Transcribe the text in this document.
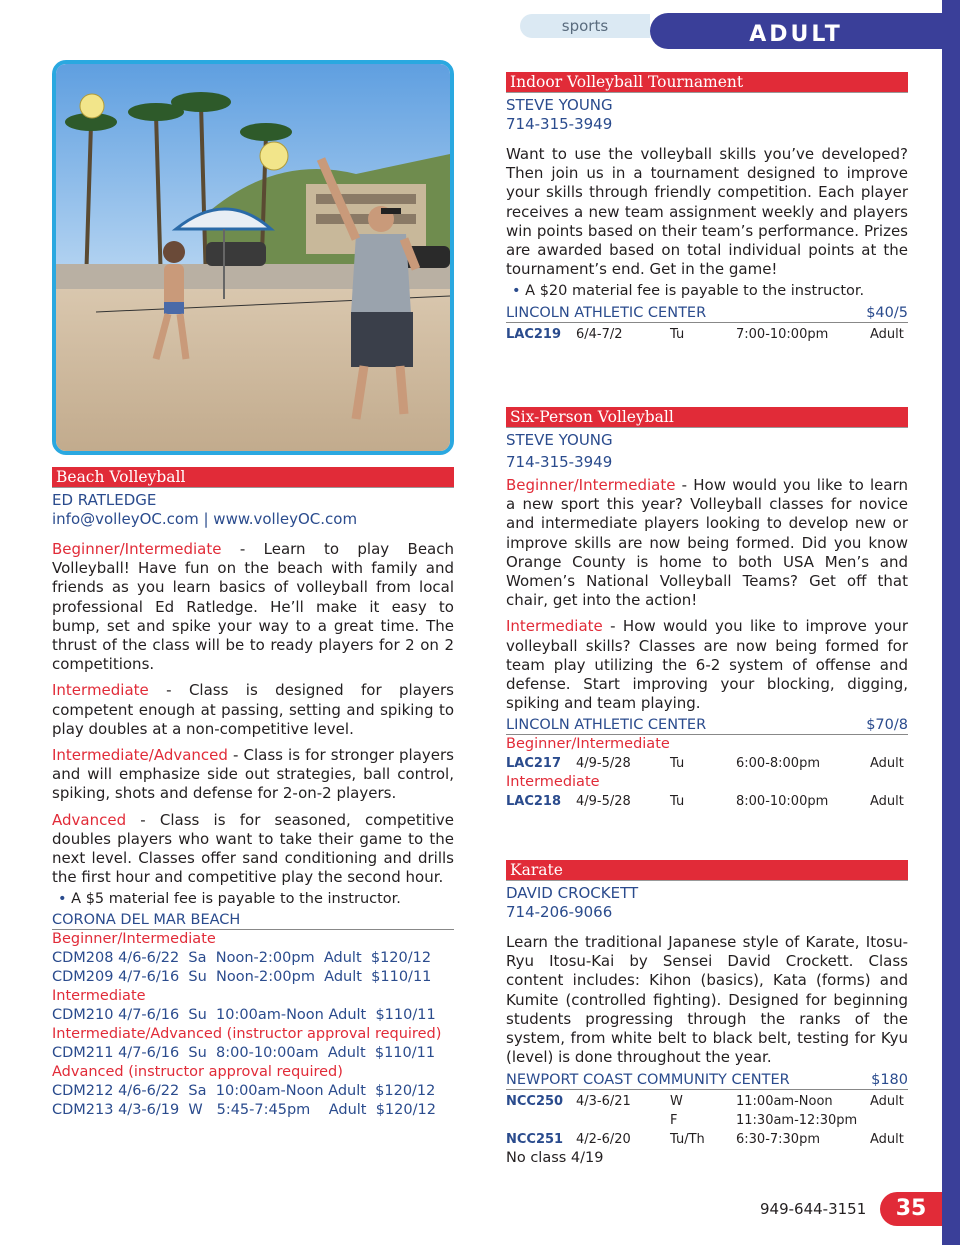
sports	ADULT
Beach Volleyball
ED RATLEDGE
info@volleyOC.com | www.volleyOC.com
Beginner/Intermediate - Learn to play Beach Volleyball! Have fun on the beach with family and friends as you learn basics of volleyball from local professional Ed Ratledge. He’ll make it easy to bump, set and spike your way to a great time. The thrust of the class will be to ready players for 2 on 2 competitions.
Intermediate - Class is designed for players competent enough at passing, setting and spiking to play doubles at a non-competitive level.
Intermediate/Advanced - Class is for stronger players and will emphasize side out strategies, ball control, spiking, shots and defense for 2-on-2 players.
Advanced - Class is for seasoned, competitive doubles players who want to take their game to the next level. Classes offer sand conditioning and drills the first hour and competitive play the second hour.
• A $5 material fee is payable to the instructor.
CORONA DEL MAR BEACH
Beginner/Intermediate
CDM208 4/6-6/22  Sa  Noon-2:00pm  Adult  $120/12
CDM209 4/7-6/16  Su  Noon-2:00pm  Adult  $110/11
Intermediate
CDM210 4/7-6/16  Su  10:00am-Noon Adult  $110/11
Intermediate/Advanced (instructor approval required)
CDM211 4/7-6/16  Su  8:00-10:00am  Adult  $110/11
Advanced (instructor approval required)
CDM212 4/6-6/22  Sa  10:00am-Noon Adult  $120/12
CDM213 4/3-6/19  W   5:45-7:45pm    Adult  $120/12
Indoor Volleyball Tournament
STEVE YOUNG
714-315-3949
Want to use the volleyball skills you’ve developed? Then join us in a tournament designed to improve your skills through friendly competition. Each player receives a new team assignment weekly and players win points based on their team’s performance. Prizes are awarded based on total individual points at the tournament’s end. Get in the game!
• A $20 material fee is payable to the instructor.
LINCOLN ATHLETIC CENTER	$40/5
LAC219	6/4-7/2	Tu	7:00-10:00pm	Adult
Six-Person Volleyball
STEVE YOUNG
714-315-3949
Beginner/Intermediate - How would you like to learn a new sport this year? Volleyball classes for novice and intermediate players looking to develop new or improve skills are now being formed. Did you know Orange County is home to both USA Men’s and Women’s National Volleyball Teams? Get off that chair, get into the action!
Intermediate - How would you like to improve your volleyball skills? Classes are now being formed for team play utilizing the 6-2 system of offense and defense. Start improving your blocking, digging, spiking and team playing.
LINCOLN ATHLETIC CENTER	$70/8
Beginner/Intermediate
LAC217	4/9-5/28	Tu	6:00-8:00pm	Adult
Intermediate
LAC218	4/9-5/28	Tu	8:00-10:00pm	Adult
Karate
DAVID CROCKETT
714-206-9066
Learn the traditional Japanese style of Karate, Itosu-Ryu Itosu-Kai by Sensei David Crockett. Class content includes: Kihon (basics), Kata (forms) and Kumite (controlled fighting). Designed for beginning students progressing through the ranks of the system, from white belt to black belt, testing for Kyu (level) is done throughout the year.
NEWPORT COAST COMMUNITY CENTER	$180
NCC250 4/3-6/21	W	11:00am-Noon	Adult
F	11:30am-12:30pm
NCC251 4/2-6/20	Tu/Th	6:30-7:30pm	Adult
No class 4/19
949-644-3151	35
